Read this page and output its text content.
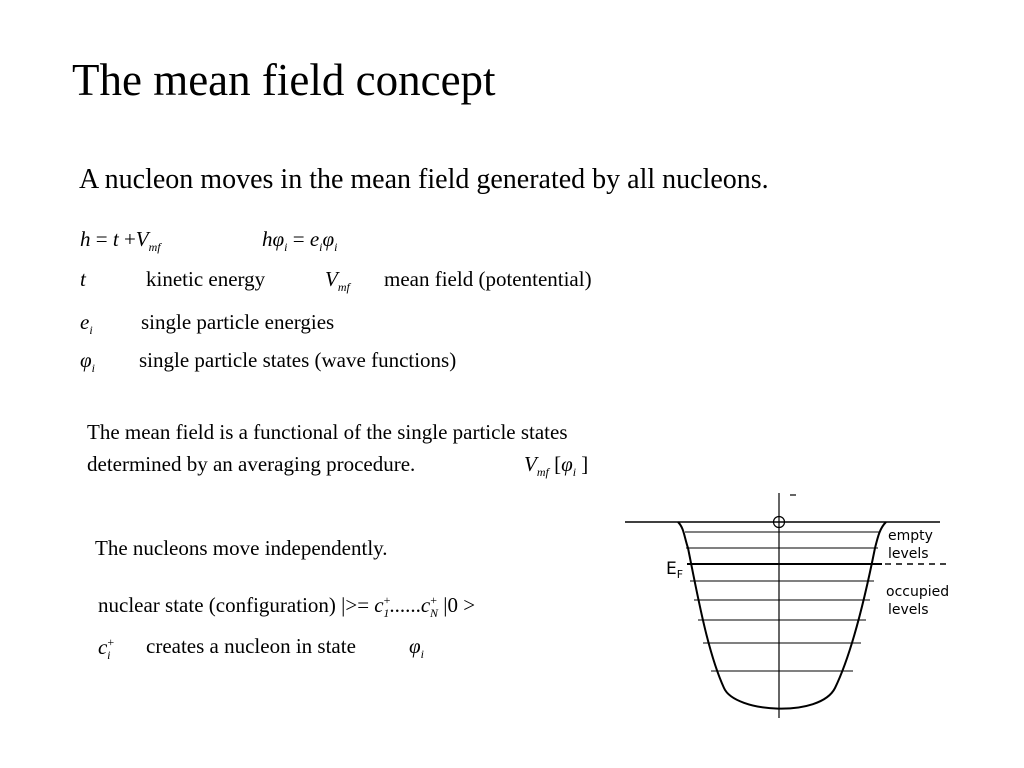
The mean field concept
A nucleon moves in the mean field generated by all nucleons.
$h = t +V_{mf}$	$h\varphi_i = e_i\varphi_i$
t	kinetic energy	$V_{mf}$ mean field (potentential)
$e_i$ single particle energies
$\varphi_i$ single particle states (wave functions)
The mean field is a functional of the single particle states
determined by an averaging procedure.	$V_{mf}$ [$\varphi_i$ ]
The nucleons move independently.
nuclear state (configuration) |>= $c^+_1......c^+_N$ |0 >
$c^+_i$ creates a nucleon in state	$\varphi_i$
$E_F$
empty
levels
occupied
levels
